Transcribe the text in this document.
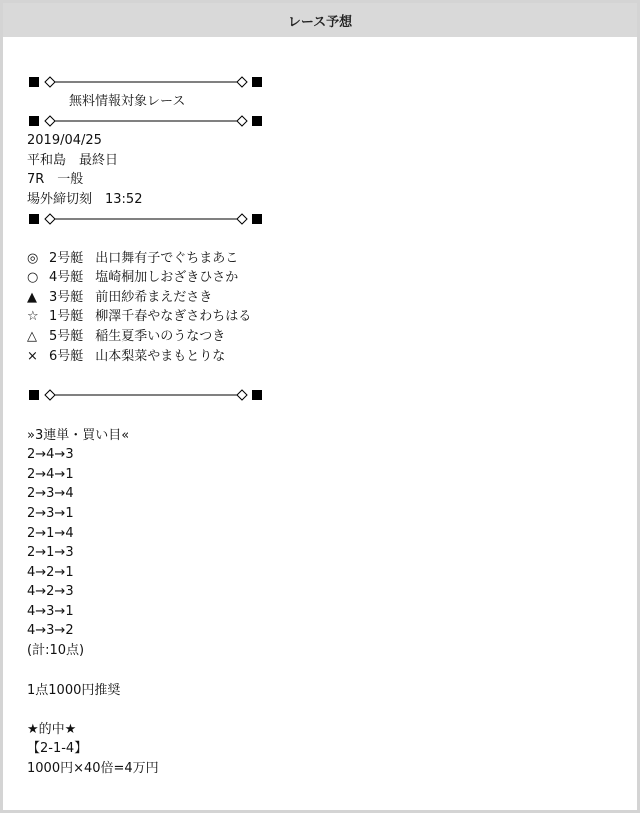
レース予想
無料情報対象レース
2019/04/25
平和島　最終日
7R　一般
場外締切刻　13:52
◎ 2号艇 出口舞有子でぐちまあこ
○ 4号艇 塩崎桐加しおざきひさか
▲ 3号艇 前田紗希まえださき
☆ 1号艇 柳澤千春やなぎさわちはる
△ 5号艇 稲生夏季いのうなつき
× 6号艇 山本梨菜やまもとりな
»3連単・買い目«
2→4→3
2→4→1
2→3→4
2→3→1
2→1→4
2→1→3
4→2→1
4→2→3
4→3→1
4→3→2
(計:10点)
1点1000円推奨
★的中★
【2-1-4】
1000円×40倍=4万円
